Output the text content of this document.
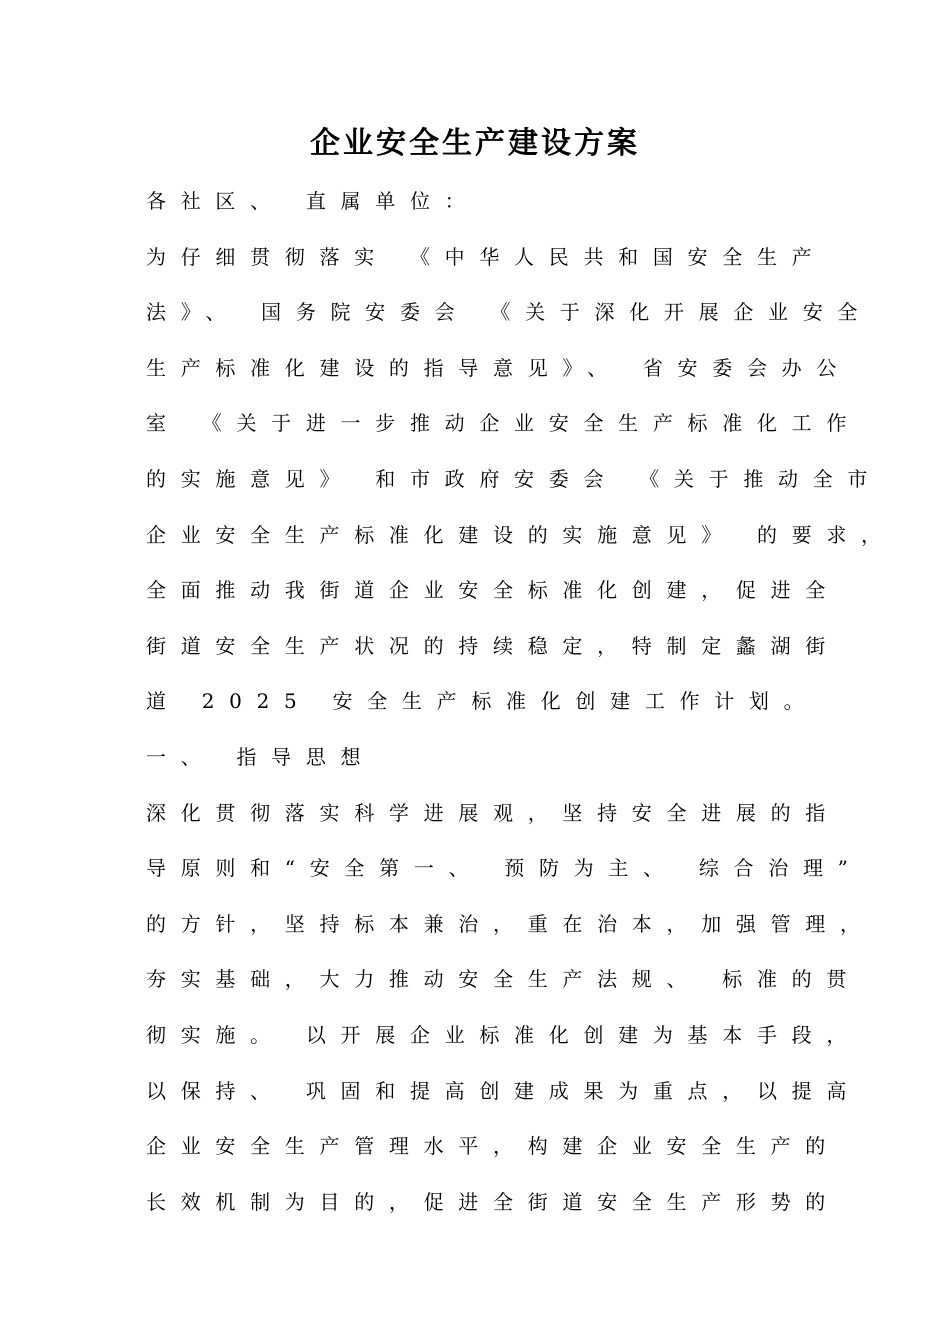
企业安全生产建设方案
各社区、 直属单位：
为仔细贯彻落实 《中华人民共和国安全生产
法》、 国务院安委会 《关于深化开展企业安全
生产标准化建设的指导意见》、 省安委会办公
室 《关于进一步推动企业安全生产标准化工作
的实施意见》 和市政府安委会 《关于推动全市
企业安全生产标准化建设的实施意见》 的要求，
全面推动我街道企业安全标准化创建，促进全
街道安全生产状况的持续稳定，特制定蠡湖街
道 2025 安全生产标准化创建工作计划。
一、 指导思想
深化贯彻落实科学进展观，坚持安全进展的指
导原则和“安全第一、 预防为主、 综合治理”
的方针，坚持标本兼治，重在治本，加强管理，
夯实基础，大力推动安全生产法规、 标准的贯
彻实施。 以开展企业标准化创建为基本手段，
以保持、 巩固和提高创建成果为重点，以提高
企业安全生产管理水平，构建企业安全生产的
长效机制为目的，促进全街道安全生产形势的
